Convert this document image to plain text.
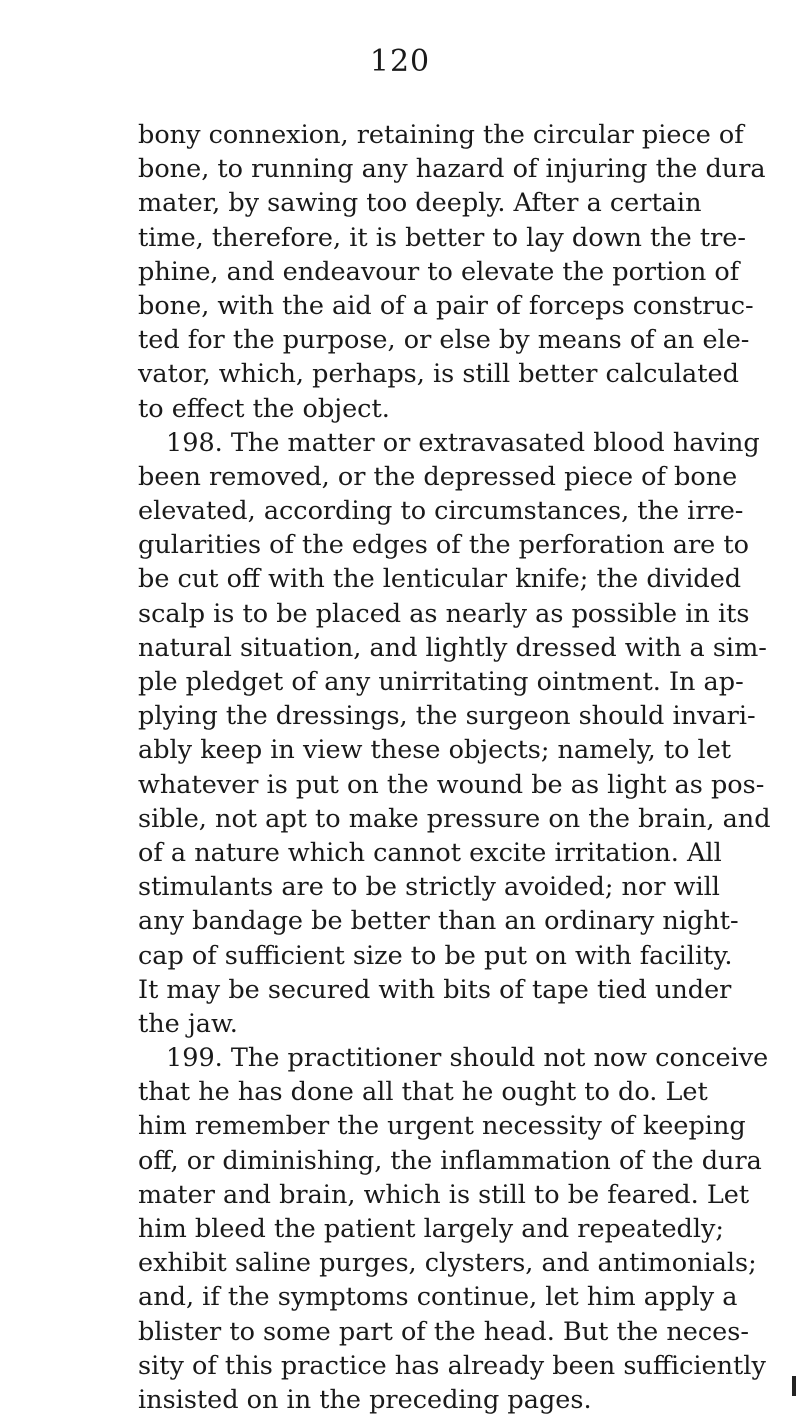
120
bony connexion, retaining the circular piece of
bone, to running any hazard of injuring the dura
mater, by sawing too deeply. After a certain
time, therefore, it is better to lay down the tre-
phine, and endeavour to elevate the portion of
bone, with the aid of a pair of forceps construc-
ted for the purpose, or else by means of an ele-
vator, which, perhaps, is still better calculated
to effect the object.
198. The matter or extravasated blood having
been removed, or the depressed piece of bone
elevated, according to circumstances, the irre-
gularities of the edges of the perforation are to
be cut off with the lenticular knife; the divided
scalp is to be placed as nearly as possible in its
natural situation, and lightly dressed with a sim-
ple pledget of any unirritating ointment. In ap-
plying the dressings, the surgeon should invari-
ably keep in view these objects; namely, to let
whatever is put on the wound be as light as pos-
sible, not apt to make pressure on the brain, and
of a nature which cannot excite irritation. All
stimulants are to be strictly avoided; nor will
any bandage be better than an ordinary night-
cap of sufficient size to be put on with facility.
It may be secured with bits of tape tied under
the jaw.
199. The practitioner should not now conceive
that he has done all that he ought to do. Let
him remember the urgent necessity of keeping
off, or diminishing, the inflammation of the dura
mater and brain, which is still to be feared. Let
him bleed the patient largely and repeatedly;
exhibit saline purges, clysters, and antimonials;
and, if the symptoms continue, let him apply a
blister to some part of the head. But the neces-
sity of this practice has already been sufficiently
insisted on in the preceding pages.
